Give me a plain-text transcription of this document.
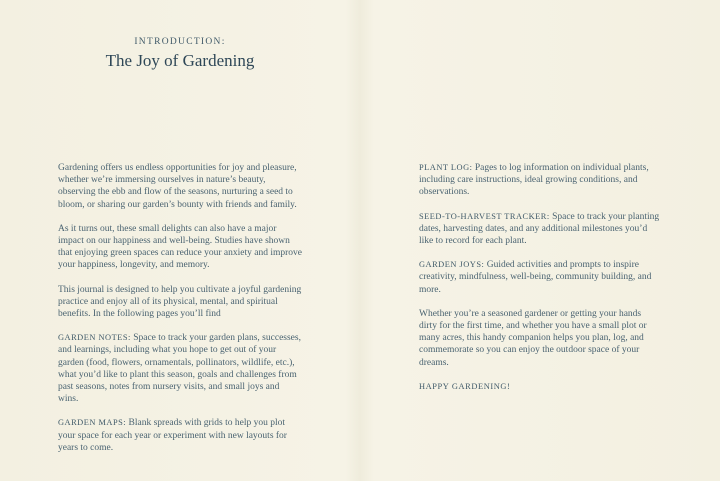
INTRODUCTION:
The Joy of Gardening

Gardening offers us endless opportunities for joy and pleasure, whether we’re immersing ourselves in nature’s beauty, observing the ebb and flow of the seasons, nurturing a seed to bloom, or sharing our garden’s bounty with friends and family.

As it turns out, these small delights can also have a major impact on our happiness and well-being. Studies have shown that enjoying green spaces can reduce your anxiety and improve your happiness, longevity, and memory.

This journal is designed to help you cultivate a joyful gardening practice and enjoy all of its physical, mental, and spiritual benefits. In the following pages you’ll find

GARDEN NOTES: Space to track your garden plans, successes, and learnings, including what you hope to get out of your garden (food, flowers, ornamentals, pollinators, wildlife, etc.), what you’d like to plant this season, goals and challenges from past seasons, notes from nursery visits, and small joys and wins.

GARDEN MAPS: Blank spreads with grids to help you plot your space for each year or experiment with new layouts for years to come.

PLANT LOG: Pages to log information on individual plants, including care instructions, ideal growing conditions, and observations.

SEED-TO-HARVEST TRACKER: Space to track your planting dates, harvesting dates, and any additional milestones you’d like to record for each plant.

GARDEN JOYS: Guided activities and prompts to inspire creativity, mindfulness, well-being, community building, and more.

Whether you’re a seasoned gardener or getting your hands dirty for the first time, and whether you have a small plot or many acres, this handy companion helps you plan, log, and commemorate so you can enjoy the outdoor space of your dreams.

HAPPY GARDENING!
